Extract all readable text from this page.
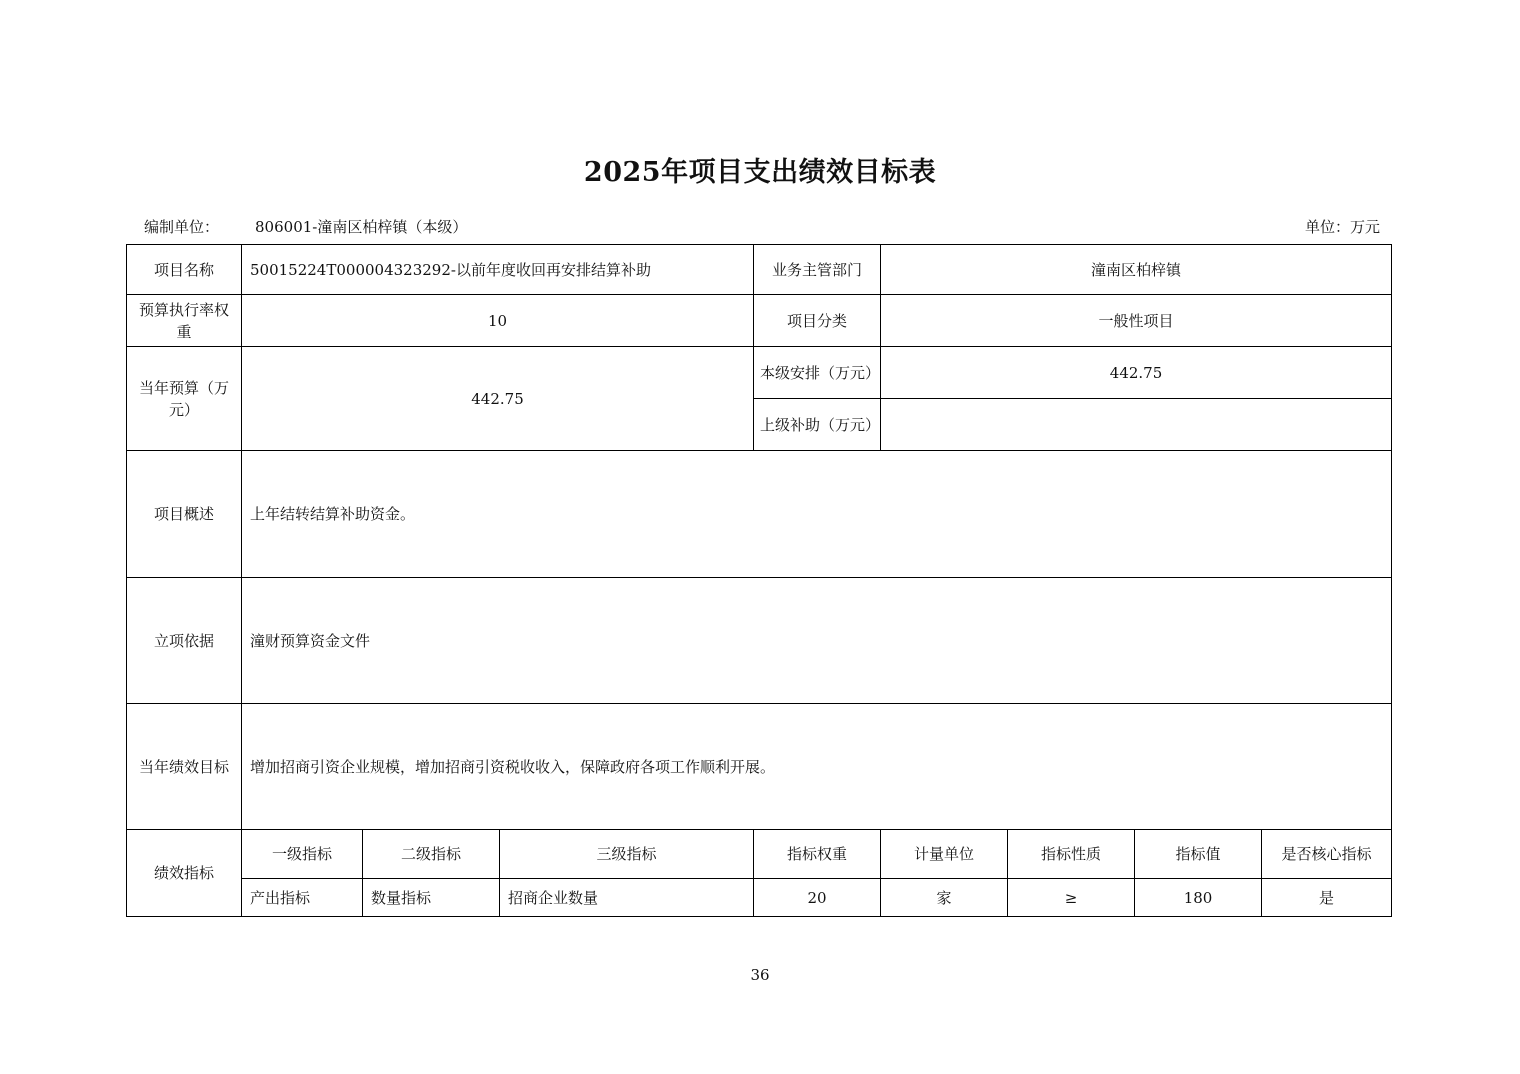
2025年项目支出绩效目标表
编制单位： 806001-潼南区柏梓镇（本级）	单位：万元
项目名称	50015224T000004323292-以前年度收回再安排结算补助			业务主管部门	潼南区柏梓镇			
预算执行率权重	10			项目分类	一般性项目			
当年预算（万元）	442.75			本级安排（万元）	442.75			
				上级补助（万元）				
项目概述	上年结转结算补助资金。							
立项依据	潼财预算资金文件							
当年绩效目标	增加招商引资企业规模，增加招商引资税收收入，保障政府各项工作顺利开展。							
绩效指标	一级指标	二级指标	三级指标	指标权重	计量单位	指标性质	指标值	是否核心指标
	产出指标	数量指标	招商企业数量	20	家	≥	180	是
36
